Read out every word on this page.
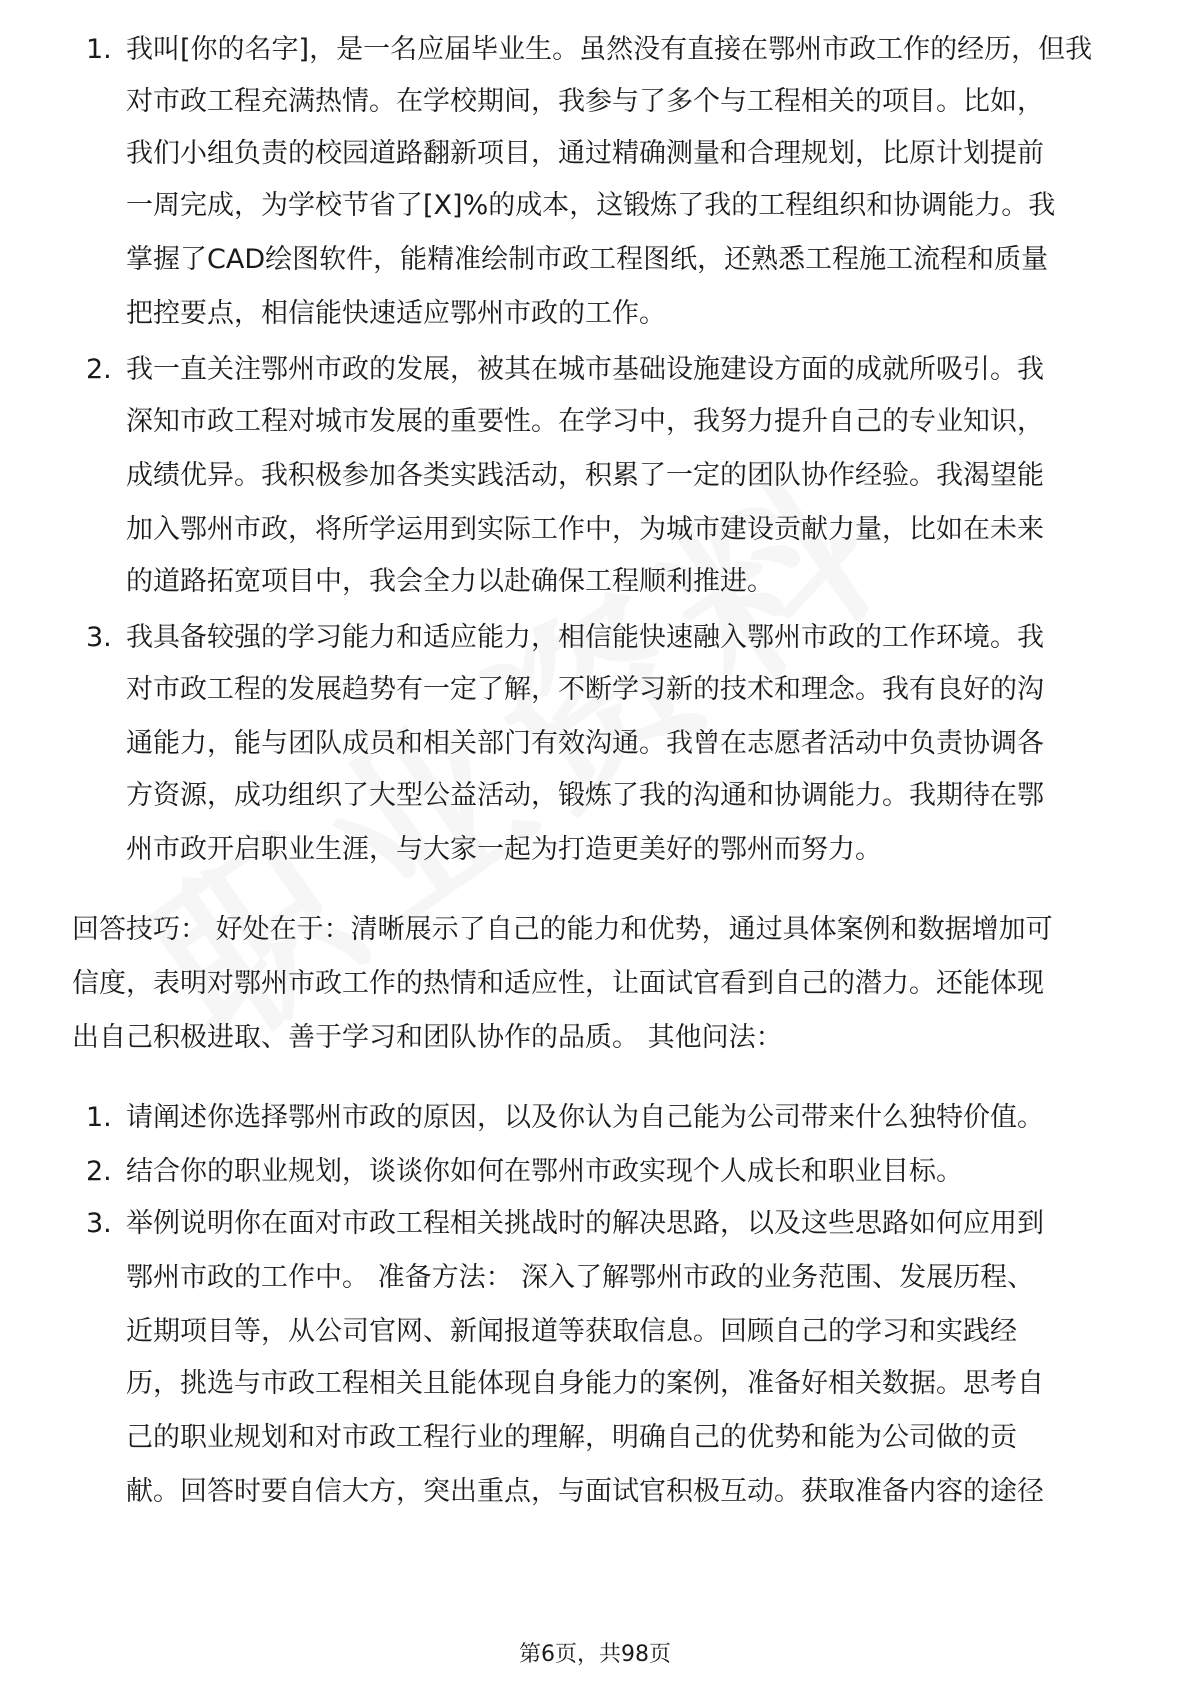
1. 我叫[你的名字]，是一名应届毕业生。虽然没有直接在鄂州市政工作的经历，但我

对市政工程充满热情。在学校期间，我参与了多个与工程相关的项目。比如，

我们小组负责的校园道路翻新项目，通过精确测量和合理规划，比原计划提前

一周完成，为学校节省了[X]%的成本，这锻炼了我的工程组织和协调能力。我

掌握了CAD绘图软件，能精准绘制市政工程图纸，还熟悉工程施工流程和质量

把控要点，相信能快速适应鄂州市政的工作。

2. 我一直关注鄂州市政的发展，被其在城市基础设施建设方面的成就所吸引。我

深知市政工程对城市发展的重要性。在学习中，我努力提升自己的专业知识，

成绩优异。我积极参加各类实践活动，积累了一定的团队协作经验。我渴望能

加入鄂州市政，将所学运用到实际工作中，为城市建设贡献力量，比如在未来

的道路拓宽项目中，我会全力以赴确保工程顺利推进。

3. 我具备较强的学习能力和适应能力，相信能快速融入鄂州市政的工作环境。我

对市政工程的发展趋势有一定了解，不断学习新的技术和理念。我有良好的沟

通能力，能与团队成员和相关部门有效沟通。我曾在志愿者活动中负责协调各

方资源，成功组织了大型公益活动，锻炼了我的沟通和协调能力。我期待在鄂

州市政开启职业生涯，与大家一起为打造更美好的鄂州而努力。

回答技巧： 好处在于：清晰展示了自己的能力和优势，通过具体案例和数据增加可

信度，表明对鄂州市政工作的热情和适应性，让面试官看到自己的潜力。还能体现

出自己积极进取、善于学习和团队协作的品质。 其他问法：

1. 请阐述你选择鄂州市政的原因，以及你认为自己能为公司带来什么独特价值。

2. 结合你的职业规划，谈谈你如何在鄂州市政实现个人成长和职业目标。

3. 举例说明你在面对市政工程相关挑战时的解决思路，以及这些思路如何应用到

鄂州市政的工作中。 准备方法： 深入了解鄂州市政的业务范围、发展历程、

近期项目等，从公司官网、新闻报道等获取信息。回顾自己的学习和实践经

历，挑选与市政工程相关且能体现自身能力的案例，准备好相关数据。思考自

己的职业规划和对市政工程行业的理解，明确自己的优势和能为公司做的贡

献。回答时要自信大方，突出重点，与面试官积极互动。获取准备内容的途径

第6页，共98页
